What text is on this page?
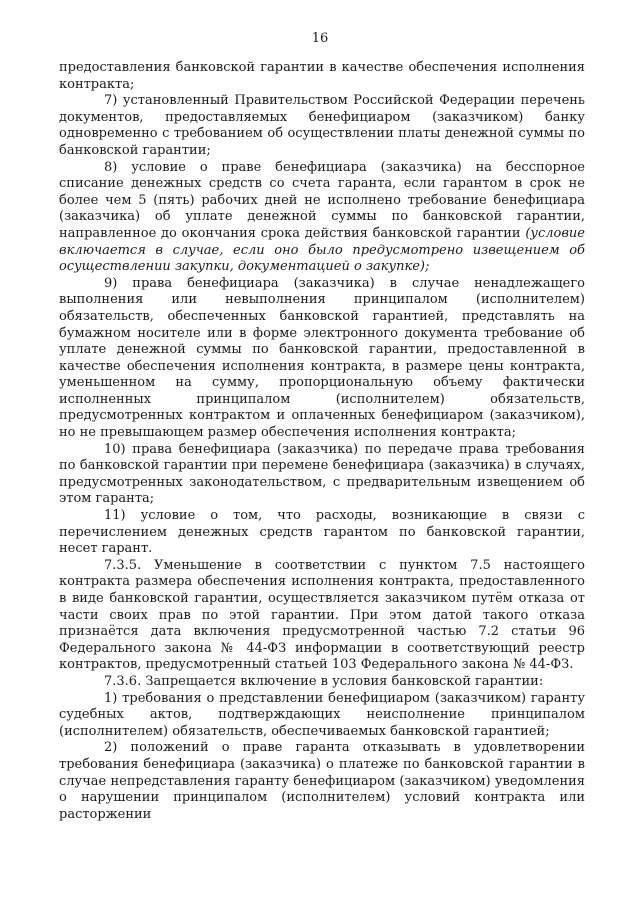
16

предоставления банковской гарантии в качестве обеспечения исполнения контракта;

7) установленный Правительством Российской Федерации перечень документов, предоставляемых бенефициаром (заказчиком) банку одновременно с требованием об осуществлении платы денежной суммы по банковской гарантии;

8) условие о праве бенефициара (заказчика) на бесспорное списание денежных средств со счета гаранта, если гарантом в срок не более чем 5 (пять) рабочих дней не исполнено требование бенефициара (заказчика) об уплате денежной суммы по банковской гарантии, направленное до окончания срока действия банковской гарантии (условие включается в случае, если оно было предусмотрено извещением об осуществлении закупки, документацией о закупке);

9) права бенефициара (заказчика) в случае ненадлежащего выполнения или невыполнения принципалом (исполнителем) обязательств, обеспеченных банковской гарантией, представлять на бумажном носителе или в форме электронного документа требование об уплате денежной суммы по банковской гарантии, предоставленной в качестве обеспечения исполнения контракта, в размере цены контракта, уменьшенном на сумму, пропорциональную объему фактически исполненных принципалом (исполнителем) обязательств, предусмотренных контрактом и оплаченных бенефициаром (заказчиком), но не превышающем размер обеспечения исполнения контракта;

10) права бенефициара (заказчика) по передаче права требования по банковской гарантии при перемене бенефициара (заказчика) в случаях, предусмотренных законодательством, с предварительным извещением об этом гаранта;

11) условие о том, что расходы, возникающие в связи с перечислением денежных средств гарантом по банковской гарантии, несет гарант.

7.3.5. Уменьшение в соответствии с пунктом 7.5 настоящего контракта размера обеспечения исполнения контракта, предоставленного в виде банковской гарантии, осуществляется заказчиком путём отказа от части своих прав по этой гарантии. При этом датой такого отказа признаётся дата включения предусмотренной частью 7.2 статьи 96 Федерального закона № 44-ФЗ информации в соответствующий реестр контрактов, предусмотренный статьей 103 Федерального закона № 44-ФЗ.

7.3.6. Запрещается включение в условия банковской гарантии:

1) требования о представлении бенефициаром (заказчиком) гаранту судебных актов, подтверждающих неисполнение принципалом (исполнителем) обязательств, обеспечиваемых банковской гарантией;

2) положений о праве гаранта отказывать в удовлетворении требования бенефициара (заказчика) о платеже по банковской гарантии в случае непредставления гаранту бенефициаром (заказчиком) уведомления о нарушении принципалом (исполнителем) условий контракта или расторжении
